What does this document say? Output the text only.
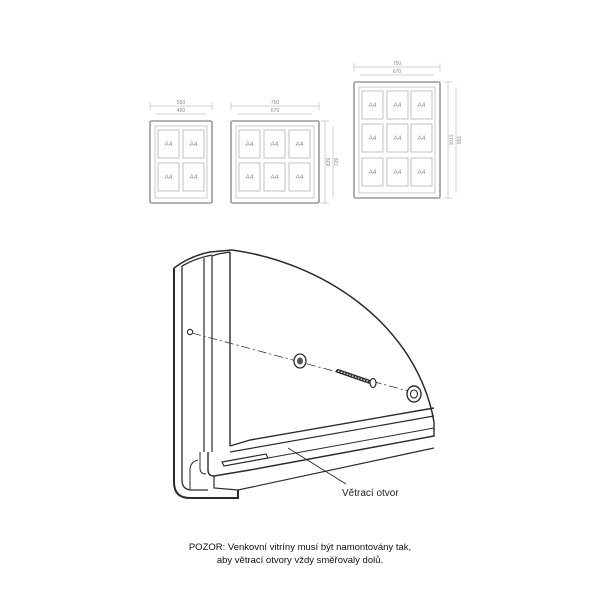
550
450
A4	A4
A4	A4
750
670
A4	A4	A4
A4	A4	A4
829 729
750
670
A4	A4 A4
A4	A4 A4
A4	A4 A4
1011 951
Větrací otvor
POZOR: Venkovní vitríny musí být namontovány tak,
aby větrací otvory vždy směřovaly dolů.
